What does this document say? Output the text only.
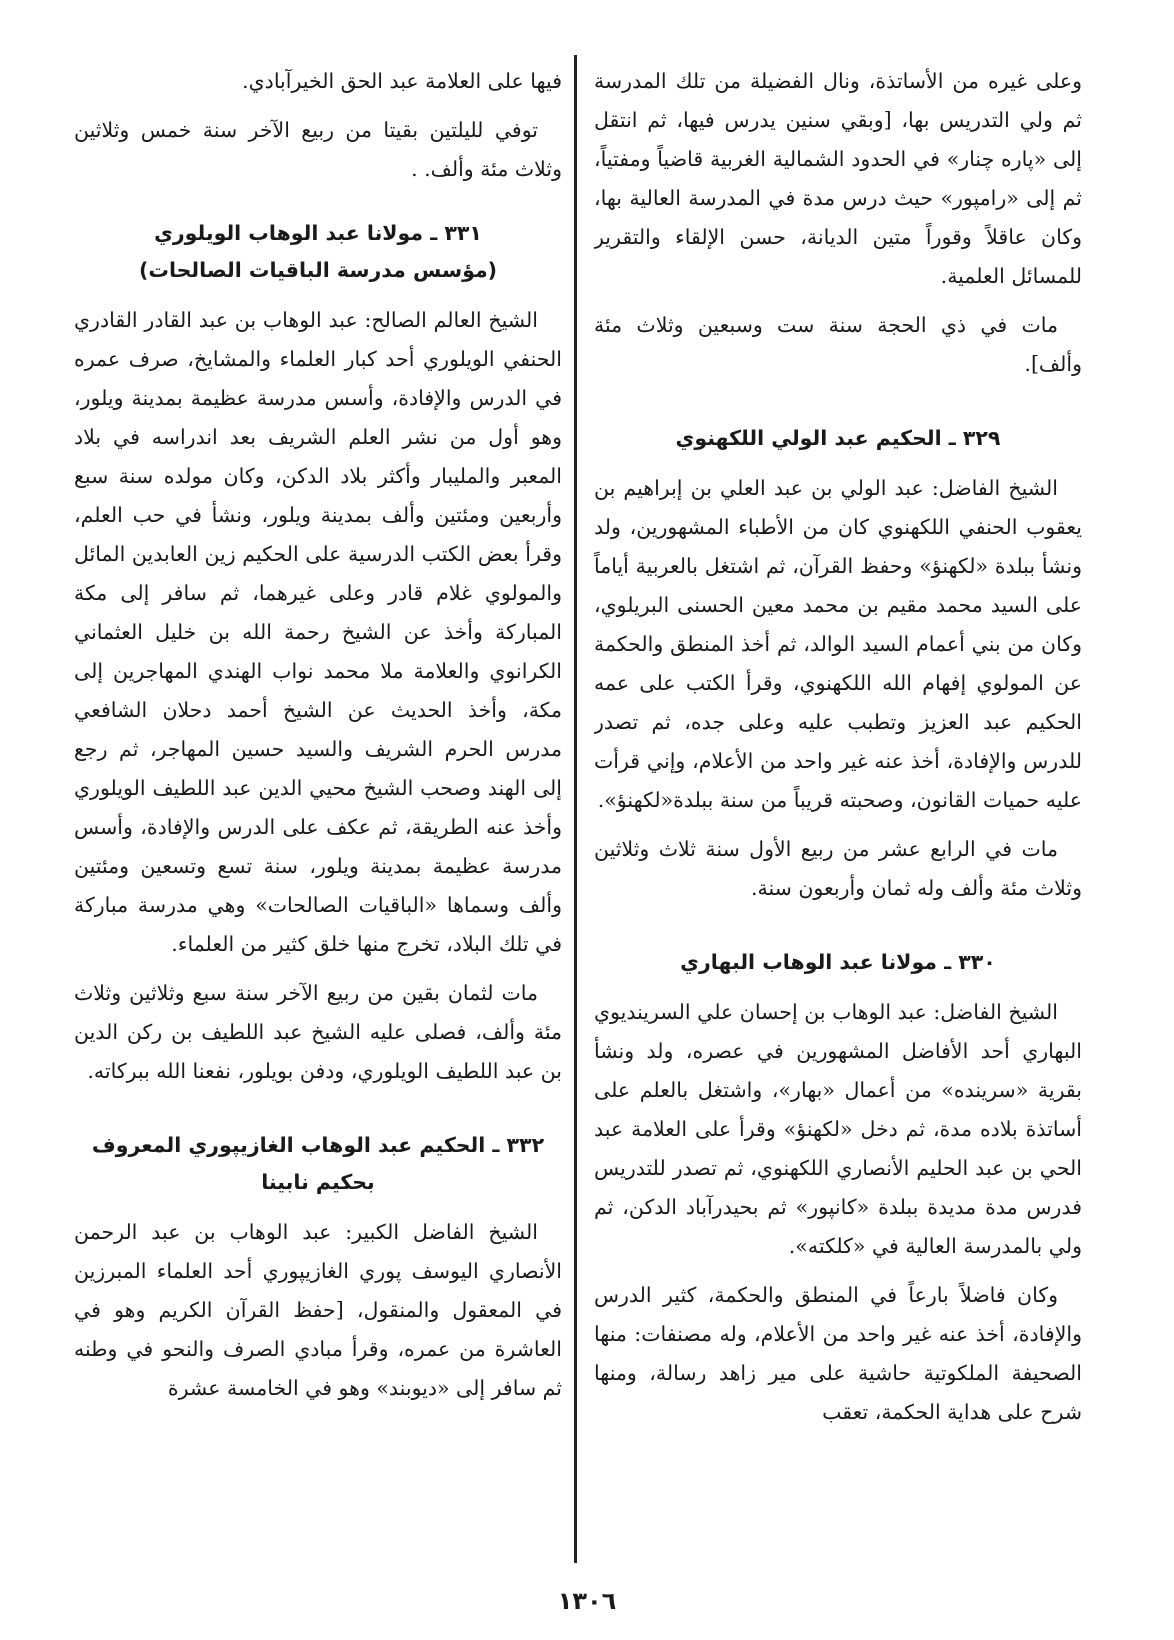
وعلى غيره من الأساتذة، ونال الفضيلة من تلك المدرسة ثم ولي التدريس بها، [وبقي سنين يدرس فيها، ثم انتقل إلى «پاره چنار» في الحدود الشمالية الغربية قاضياً ومفتياً، ثم إلى «رامپور» حيث درس مدة في المدرسة العالية بها، وكان عاقلاً وقوراً متين الديانة، حسن الإلقاء والتقرير للمسائل العلمية.

مات في ذي الحجة سنة ست وسبعين وثلاث مئة وألف].

٣٢٩ ـ الحكيم عبد الولي اللكهنوي

الشيخ الفاضل: عبد الولي بن عبد العلي بن إبراهيم بن يعقوب الحنفي اللكهنوي كان من الأطباء المشهورين، ولد ونشأ ببلدة «لكهنؤ» وحفظ القرآن، ثم اشتغل بالعربية أياماً على السيد محمد مقيم بن محمد معين الحسنى البريلوي، وكان من بني أعمام السيد الوالد، ثم أخذ المنطق والحكمة عن المولوي إفهام الله اللكهنوي، وقرأ الكتب على عمه الحكيم عبد العزيز وتطبب عليه وعلى جده، ثم تصدر للدرس والإفادة، أخذ عنه غير واحد من الأعلام، وإني قرأت عليه حميات القانون، وصحبته قريباً من سنة ببلدة«لكهنؤ».

مات في الرابع عشر من ربيع الأول سنة ثلاث وثلاثين وثلاث مئة وألف وله ثمان وأربعون سنة.

٣٣٠ ـ مولانا عبد الوهاب البهاري

الشيخ الفاضل: عبد الوهاب بن إحسان علي السرينديوي البهاري أحد الأفاضل المشهورين في عصره، ولد ونشأ بقرية «سرينده» من أعمال «بهار»، واشتغل بالعلم على أساتذة بلاده مدة، ثم دخل «لكهنؤ» وقرأ على العلامة عبد الحي بن عبد الحليم الأنصاري اللكهنوي، ثم تصدر للتدريس فدرس مدة مديدة ببلدة «كانپور» ثم بحيدرآباد الدكن، ثم ولي بالمدرسة العالية في «كلكته».

وكان فاضلاً بارعاً في المنطق والحكمة، كثير الدرس والإفادة، أخذ عنه غير واحد من الأعلام، وله مصنفات: منها الصحيفة الملكوتية حاشية على مير زاهد رسالة، ومنها شرح على هداية الحكمة، تعقب

فيها على العلامة عبد الحق الخيرآبادي.

توفي لليلتين بقيتا من ربيع الآخر سنة خمس وثلاثين وثلاث مئة وألف. .

٣٣١ ـ مولانا عبد الوهاب الويلوري
(مؤسس مدرسة الباقيات الصالحات)

الشيخ العالم الصالح: عبد الوهاب بن عبد القادر القادري الحنفي الويلوري أحد كبار العلماء والمشايخ، صرف عمره في الدرس والإفادة، وأسس مدرسة عظيمة بمدينة ويلور، وهو أول من نشر العلم الشريف بعد اندراسه في بلاد المعبر والمليبار وأكثر بلاد الدكن، وكان مولده سنة سبع وأربعين ومئتين وألف بمدينة ويلور، ونشأ في حب العلم، وقرأ بعض الكتب الدرسية على الحكيم زين العابدين المائل والمولوي غلام قادر وعلى غيرهما، ثم سافر إلى مكة المباركة وأخذ عن الشيخ رحمة الله بن خليل العثماني الكرانوي والعلامة ملا محمد نواب الهندي المهاجرين إلى مكة، وأخذ الحديث عن الشيخ أحمد دحلان الشافعي مدرس الحرم الشريف والسيد حسين المهاجر، ثم رجع إلى الهند وصحب الشيخ محيي الدين عبد اللطيف الويلوري وأخذ عنه الطريقة، ثم عكف على الدرس والإفادة، وأسس مدرسة عظيمة بمدينة ويلور، سنة تسع وتسعين ومئتين وألف وسماها «الباقيات الصالحات» وهي مدرسة مباركة في تلك البلاد، تخرج منها خلق كثير من العلماء.

مات لثمان بقين من ربيع الآخر سنة سبع وثلاثين وثلاث مئة وألف، فصلى عليه الشيخ عبد اللطيف بن ركن الدين بن عبد اللطيف الويلوري، ودفن بويلور، نفعنا الله ببركاته.

٣٣٢ ـ الحكيم عبد الوهاب الغازيپوري المعروف
بحكيم نابينا

الشيخ الفاضل الكبير: عبد الوهاب بن عبد الرحمن الأنصاري اليوسف پوري الغازيپوري أحد العلماء المبرزين في المعقول والمنقول، [حفظ القرآن الكريم وهو في العاشرة من عمره، وقرأ مبادي الصرف والنحو في وطنه ثم سافر إلى «ديوبند» وهو في الخامسة عشرة

١٣٠٦
